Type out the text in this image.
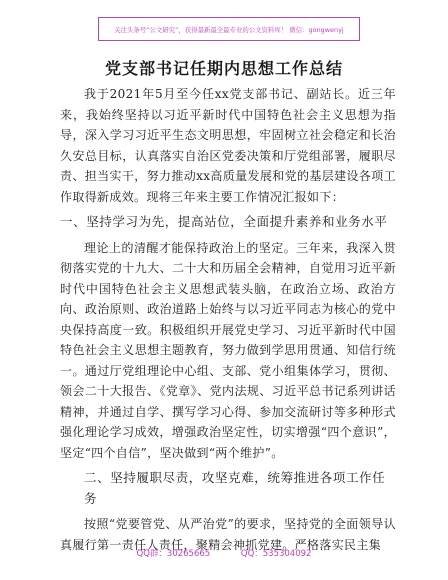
关注头条号“公文研究”，获得最新最全最专业的公文资料库！ 微信：gongwenyj
党支部书记任期内思想工作总结

我于2021年5月至今任xx党支部书记、副站长。近三年来，我始终坚持以习近平新时代中国特色社会主义思想为指导，深入学习习近平生态文明思想，牢固树立社会稳定和长治久安总目标，认真落实自治区党委决策和厅党组部署，履职尽责、担当实干，努力推动xx高质量发展和党的基层建设各项工作取得新成效。现将三年来主要工作情况汇报如下：

一、坚持学习为先，提高站位，全面提升素养和业务水平

理论上的清醒才能保持政治上的坚定。三年来，我深入贯彻落实党的十九大、二十大和历届全会精神，自觉用习近平新时代中国特色社会主义思想武装头脑，在政治立场、政治方向、政治原则、政治道路上始终与以习近平同志为核心的党中央保持高度一致。积极组织开展党史学习、习近平新时代中国特色社会主义思想主题教育，努力做到学思用贯通、知信行统一。通过厅党组理论中心组、支部、党小组集体学习，贯彻、领会二十大报告、《党章》、党内法规、习近平总书记系列讲话精神，并通过自学、撰写学习心得、参加交流研讨等多种形式强化理论学习成效，增强政治坚定性，切实增强“四个意识”，坚定“四个自信”，坚决做到“两个维护”。

二、坚持履职尽责，攻坚克难，统筹推进各项工作任务

按照“党要管党、从严治党”的要求，坚持党的全面领导认真履行第一责任人责任，聚精会神抓党建。严格落实民主集

QQ群：30265665	QQ：535304092
